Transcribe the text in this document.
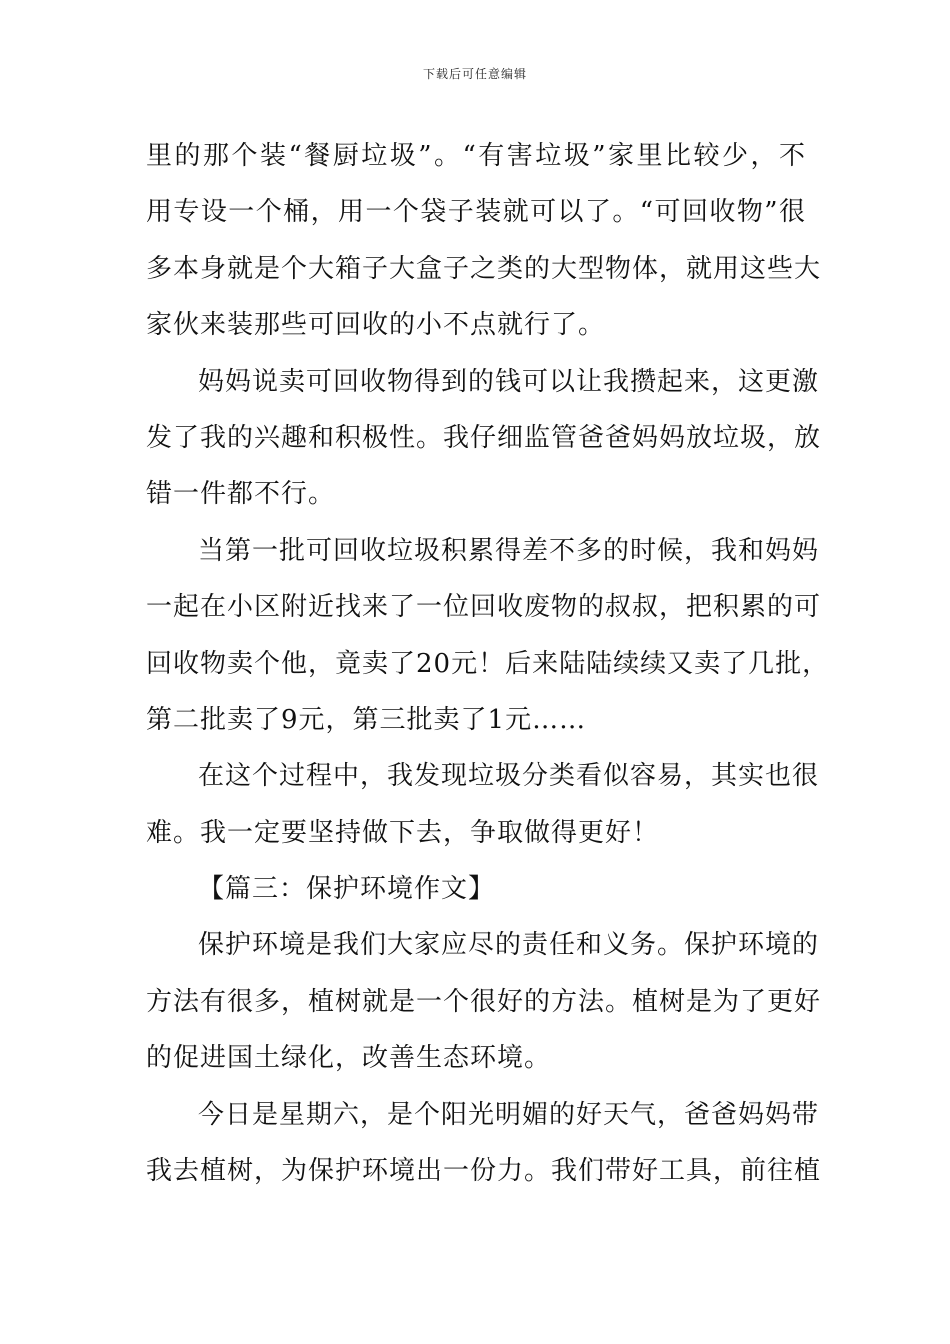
下载后可任意编辑
里的那个装“餐厨垃圾”。“有害垃圾”家里比较少，不
用专设一个桶，用一个袋子装就可以了。“可回收物”很
多本身就是个大箱子大盒子之类的大型物体，就用这些大
家伙来装那些可回收的小不点就行了。
妈妈说卖可回收物得到的钱可以让我攒起来，这更激
发了我的兴趣和积极性。我仔细监管爸爸妈妈放垃圾，放
错一件都不行。
当第一批可回收垃圾积累得差不多的时候，我和妈妈
一起在小区附近找来了一位回收废物的叔叔，把积累的可
回收物卖个他，竟卖了20元！后来陆陆续续又卖了几批，
第二批卖了9元，第三批卖了1元……
在这个过程中，我发现垃圾分类看似容易，其实也很
难。我一定要坚持做下去，争取做得更好！
【篇三：保护环境作文】
保护环境是我们大家应尽的责任和义务。保护环境的
方法有很多，植树就是一个很好的方法。植树是为了更好
的促进国土绿化，改善生态环境。
今日是星期六，是个阳光明媚的好天气，爸爸妈妈带
我去植树，为保护环境出一份力。我们带好工具，前往植
